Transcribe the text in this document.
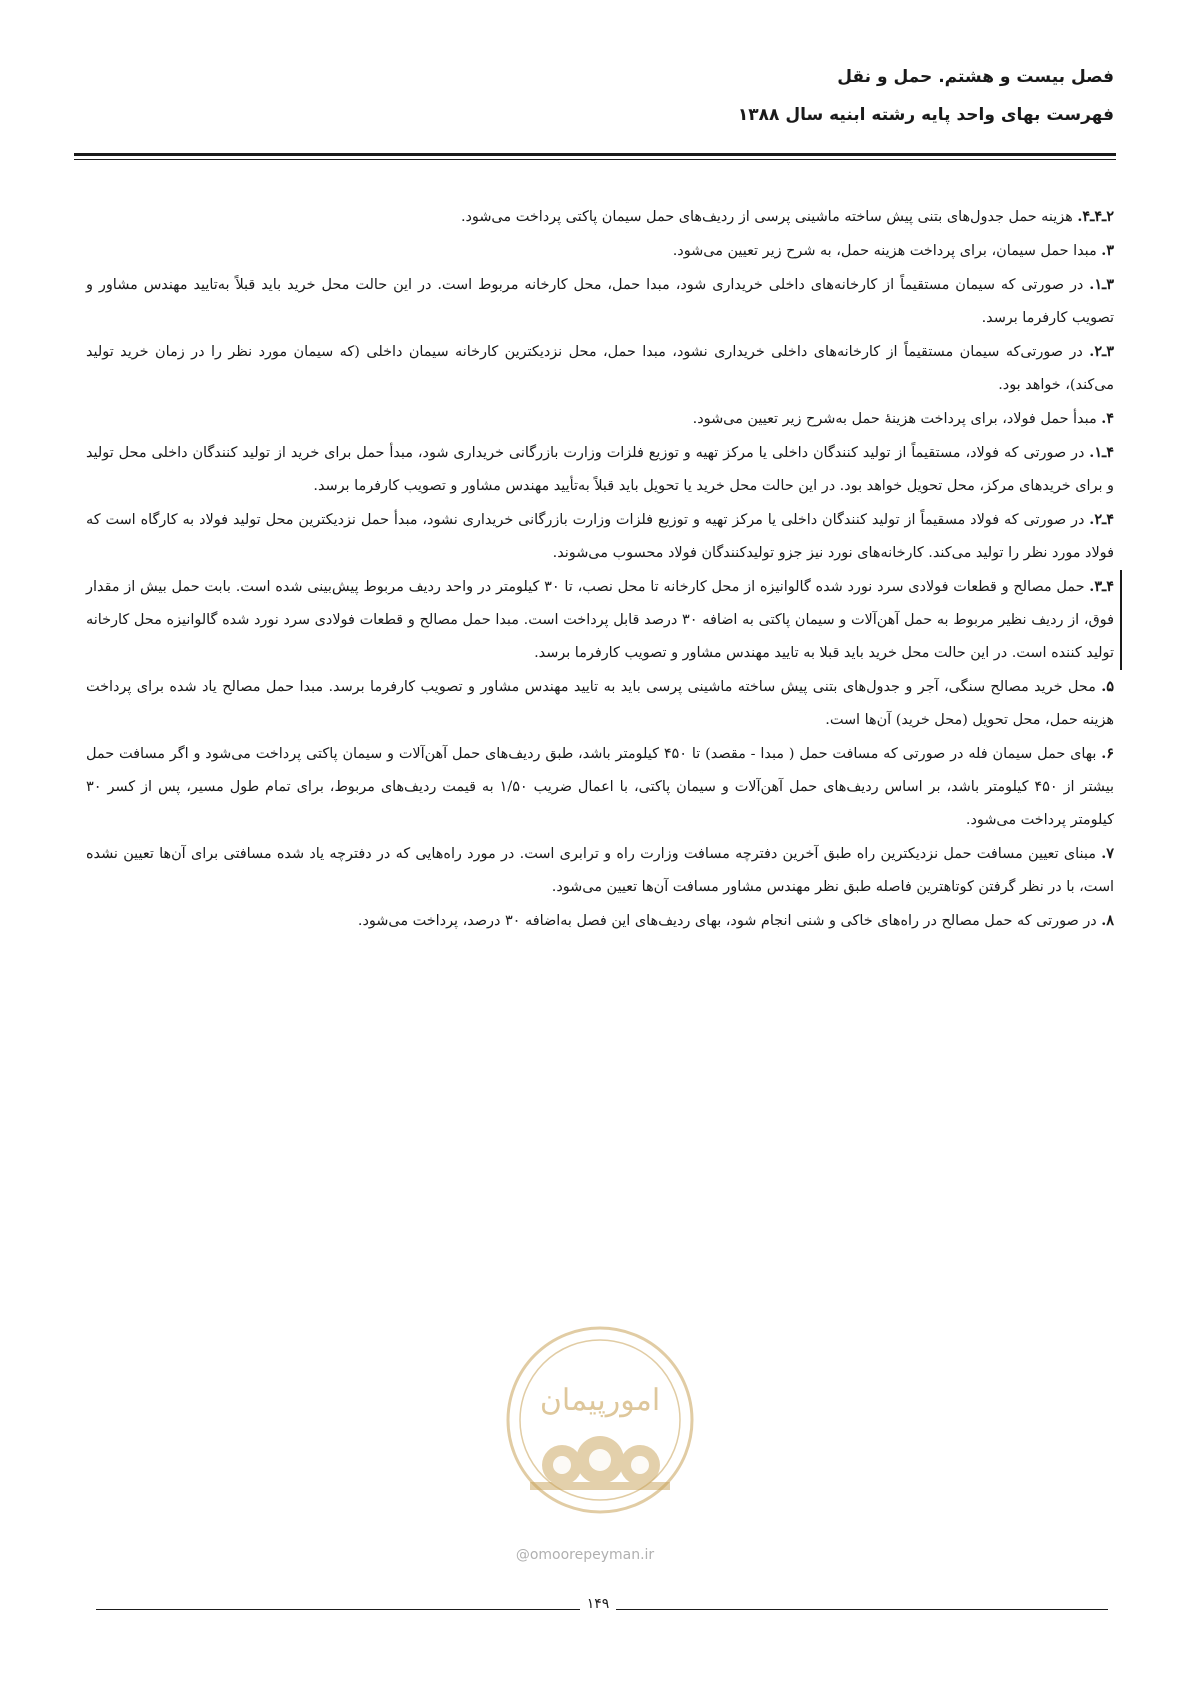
فصل بیست و هشتم. حمل و نقل
فهرست بهای واحد پایه رشته ابنیه سال ۱۳۸۸

۲ـ۴ـ۴. هزینه حمل جدول‌های بتنی پیش ساخته ماشینی پرسی از ردیف‌های حمل سیمان پاکتی پرداخت می‌شود.

۳. مبدا حمل سیمان، برای پرداخت هزینه حمل، به شرح زیر تعیین می‌شود.

۳ـ۱. در صورتی که سیمان مستقیماً از کارخانه‌های داخلی خریداری شود، مبدا حمل، محل کارخانه مربوط است. در این حالت محل خرید باید قبلاً به‌تایید مهندس مشاور و تصویب کارفرما برسد.

۳ـ۲. در صورتی‌که سیمان مستقیماً از کارخانه‌های داخلی خریداری نشود، مبدا حمل، محل نزدیکترین کارخانه سیمان داخلی (که سیمان مورد نظر را در زمان خرید تولید می‌کند)، خواهد بود.

۴. مبدأ حمل فولاد، برای پرداخت هزینهٔ حمل به‌شرح زیر تعیین می‌شود.

۴ـ۱. در صورتی که فولاد، مستقیماً از تولید کنندگان داخلی یا مرکز تهیه و توزیع فلزات وزارت بازرگانی خریداری شود، مبدأ حمل برای خرید از تولید کنندگان داخلی محل تولید و برای خریدهای مرکز، محل تحویل خواهد بود. در این حالت محل خرید یا تحویل باید قبلاً به‌تأیید مهندس مشاور و تصویب کارفرما برسد.

۴ـ۲. در صورتی که فولاد مسقیماً از تولید کنندگان داخلی یا مرکز تهیه و توزیع فلزات وزارت بازرگانی خریداری نشود، مبدأ حمل نزدیکترین محل تولید فولاد به کارگاه است که فولاد مورد نظر را تولید می‌کند. کارخانه‌های نورد نیز جزو تولیدکنندگان فولاد محسوب می‌شوند.

۴ـ۳. حمل مصالح و قطعات فولادی سرد نورد شده گالوانیزه از محل کارخانه تا محل نصب، تا ۳۰ کیلومتر در واحد ردیف مربوط پیش‌بینی شده است. بابت حمل بیش از مقدار فوق، از ردیف نظیر مربوط به حمل آهن‌آلات و سیمان پاکتی به اضافه ۳۰ درصد قابل پرداخت است. مبدا حمل مصالح و قطعات فولادی سرد نورد شده گالوانیزه محل کارخانه تولید کننده است. در این حالت محل خرید باید قبلا به تایید مهندس مشاور و تصویب کارفرما برسد.

۵. محل خرید مصالح سنگی، آجر و جدول‌های بتنی پیش ساخته ماشینی پرسی باید به تایید مهندس مشاور و تصویب کارفرما برسد. مبدا حمل مصالح یاد شده برای پرداخت هزینه حمل، محل تحویل (محل خرید) آن‌ها است.

۶. بهای حمل سیمان فله در صورتی که مسافت حمل ( مبدا - مقصد) تا ۴۵۰ کیلومتر باشد، طبق ردیف‌های حمل آهن‌آلات و سیمان پاکتی پرداخت می‌شود و اگر مسافت حمل بیشتر از ۴۵۰ کیلومتر باشد، بر اساس ردیف‌های حمل آهن‌آلات و سیمان پاکتی، با اعمال ضریب ۱/۵۰ به قیمت ردیف‌های مربوط، برای تمام طول مسیر، پس از کسر ۳۰ کیلومتر پرداخت می‌شود.

۷. مبنای تعیین مسافت حمل نزدیکترین راه طبق آخرین دفترچه مسافت وزارت راه و ترابری است. در مورد راه‌هایی که در دفترچه یاد شده مسافتی برای آن‌ها تعیین نشده است، با در نظر گرفتن کوتاهترین فاصله طبق نظر مهندس مشاور مسافت آن‌ها تعیین می‌شود.

۸. در صورتی که حمل مصالح در راه‌های خاکی و شنی انجام شود، بهای ردیف‌های این فصل به‌اضافه ۳۰ درصد، پرداخت می‌شود.

امورپیمان
@omoorepeyman.ir
۱۴۹
